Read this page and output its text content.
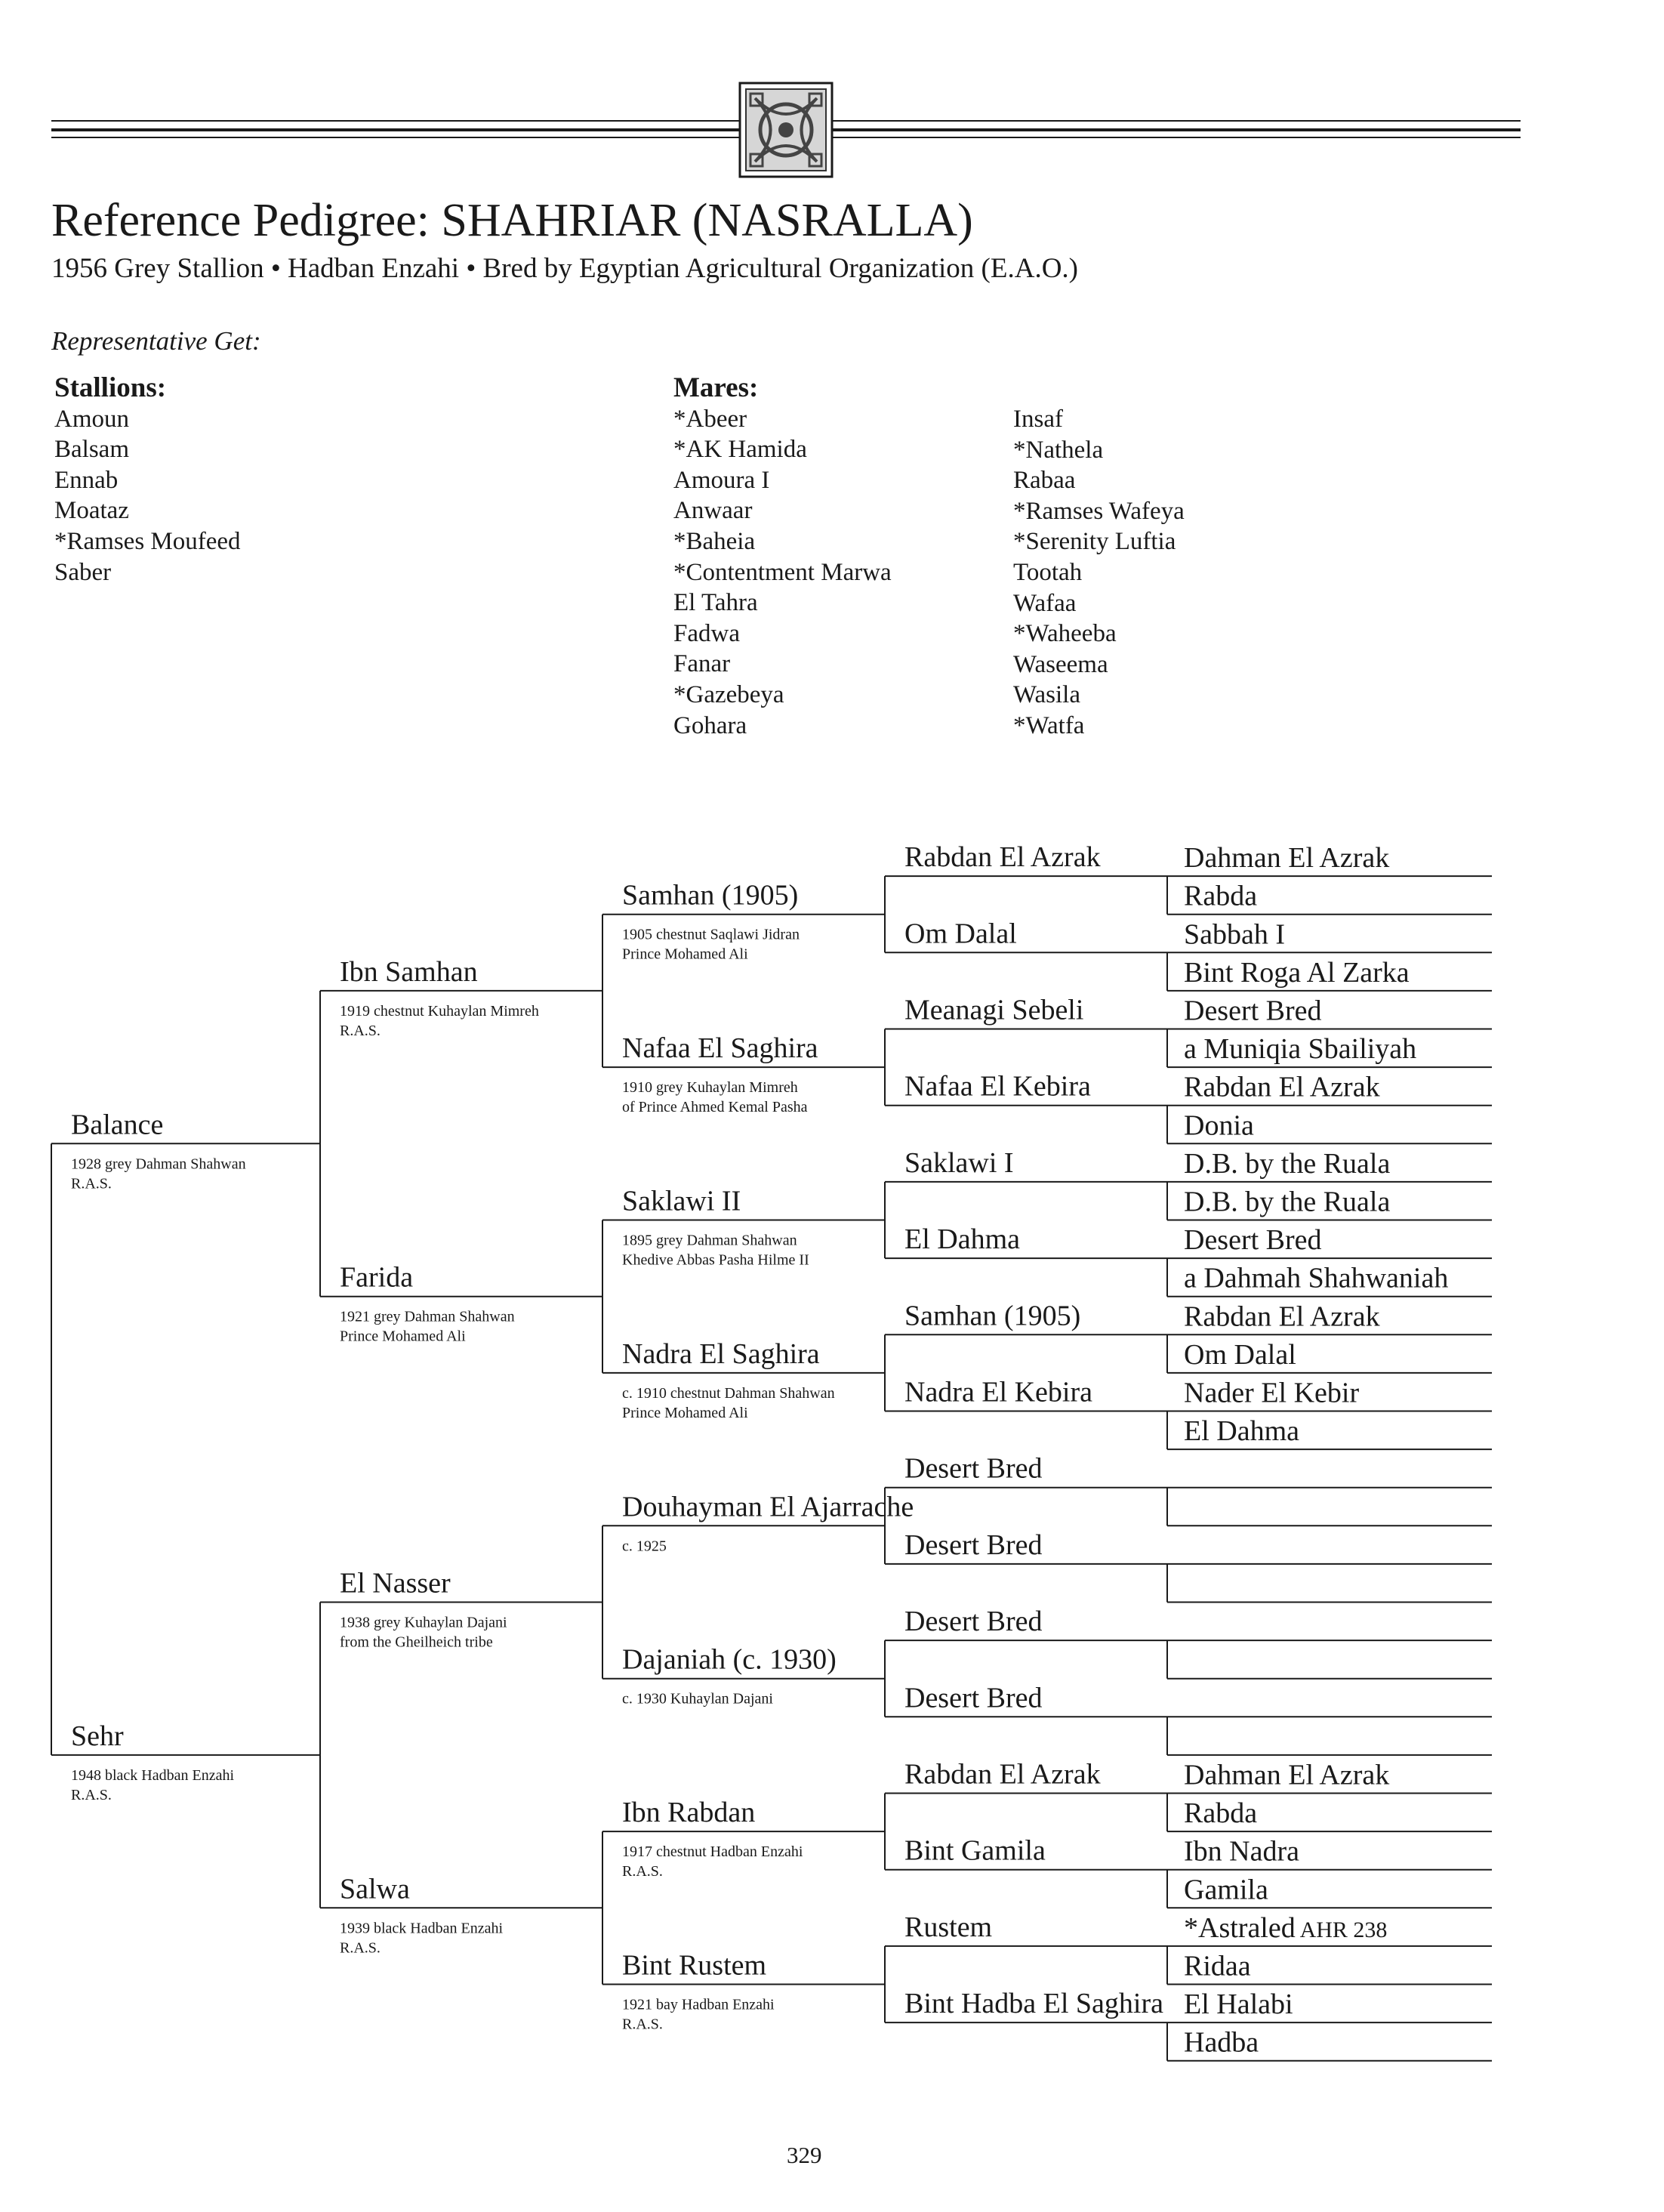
Reference Pedigree: SHAHRIAR (NASRALLA)
1956 Grey Stallion • Hadban Enzahi • Bred by Egyptian Agricultural Organization (E.A.O.)
Representative Get:
Stallions:
Amoun
Balsam
Ennab
Moataz
*Ramses Moufeed
Saber
Mares:
*Abeer
*AK Hamida
Amoura I
Anwaar
*Baheia
*Contentment Marwa
El Tahra
Fadwa
Fanar
*Gazebeya
Gohara
Insaf
*Nathela
Rabaa
*Ramses Wafeya
*Serenity Luftia
Tootah
Wafaa
*Waheeba
Waseema
Wasila
*Watfa
Balance
1928 grey Dahman Shahwan
R.A.S.
Sehr
1948 black Hadban Enzahi
R.A.S.
Ibn Samhan
1919 chestnut Kuhaylan Mimreh
R.A.S.
Farida
1921 grey Dahman Shahwan
Prince Mohamed Ali
El Nasser
1938 grey Kuhaylan Dajani
from the Gheilheich tribe
Salwa
1939 black Hadban Enzahi
R.A.S.
Samhan (1905)
1905 chestnut Saqlawi Jidran
Prince Mohamed Ali
Nafaa El Saghira
1910 grey Kuhaylan Mimreh
of Prince Ahmed Kemal Pasha
Saklawi II
1895 grey Dahman Shahwan
Khedive Abbas Pasha Hilme II
Nadra El Saghira
c. 1910 chestnut Dahman Shahwan
Prince Mohamed Ali
Douhayman El Ajarrache
c. 1925
Dajaniah (c. 1930)
c. 1930 Kuhaylan Dajani
Ibn Rabdan
1917 chestnut Hadban Enzahi
R.A.S.
Bint Rustem
1921 bay Hadban Enzahi
R.A.S.
Rabdan El Azrak
Om Dalal
Meanagi Sebeli
Nafaa El Kebira
Saklawi I
El Dahma
Samhan (1905)
Nadra El Kebira
Desert Bred
Desert Bred
Desert Bred
Desert Bred
Rabdan El Azrak
Bint Gamila
Rustem
Bint Hadba El Saghira
Dahman El Azrak
Rabda
Sabbah I
Bint Roga Al Zarka
Desert Bred
a Muniqia Sbailiyah
Rabdan El Azrak
Donia
D.B. by the Ruala
D.B. by the Ruala
Desert Bred
a Dahmah Shahwaniah
Rabdan El Azrak
Om Dalal
Nader El Kebir
El Dahma
Dahman El Azrak
Rabda
Ibn Nadra
Gamila
*Astraled AHR 238
Ridaa
El Halabi
Hadba
329
